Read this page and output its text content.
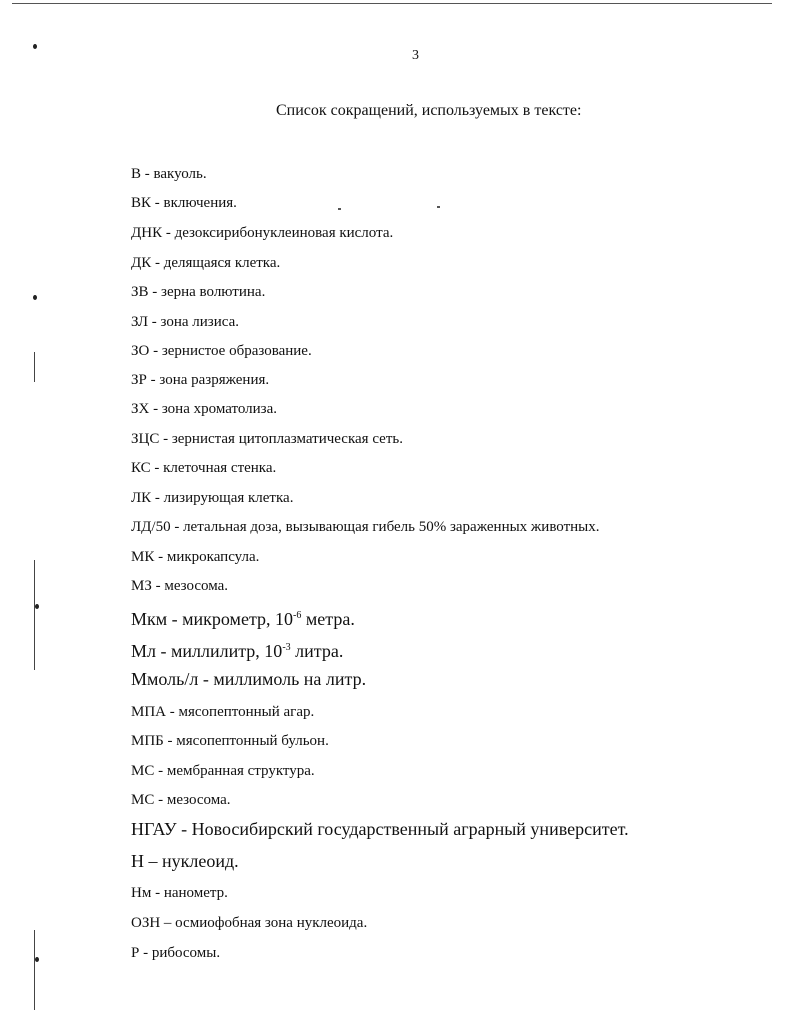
3
Список сокращений, используемых в тексте:
В - вакуоль.
ВК - включения.
ДНК - дезоксирибонуклеиновая кислота.
ДК - делящаяся клетка.
ЗВ - зерна волютина.
ЗЛ - зона лизиса.
ЗО - зернистое образование.
ЗР - зона разряжения.
ЗХ - зона хроматолиза.
ЗЦС - зернистая цитоплазматическая сеть.
КС - клеточная стенка.
ЛК - лизирующая клетка.
ЛД/50 - летальная доза, вызывающая гибель 50% зараженных животных.
МК - микрокапсула.
МЗ - мезосома.
Мкм - микрометр, $10^{-6}$ метра.
Мл - миллилитр, $10^{-3}$ литра.
Ммоль/л - миллимоль на литр.
МПА - мясопептонный агар.
МПБ - мясопептонный бульон.
МС - мембранная структура.
МС - мезосома.
НГАУ - Новосибирский государственный аграрный университет.
Н – нуклеоид.
Нм - нанометр.
ОЗН – осмиофобная зона нуклеоида.
Р - рибосомы.
